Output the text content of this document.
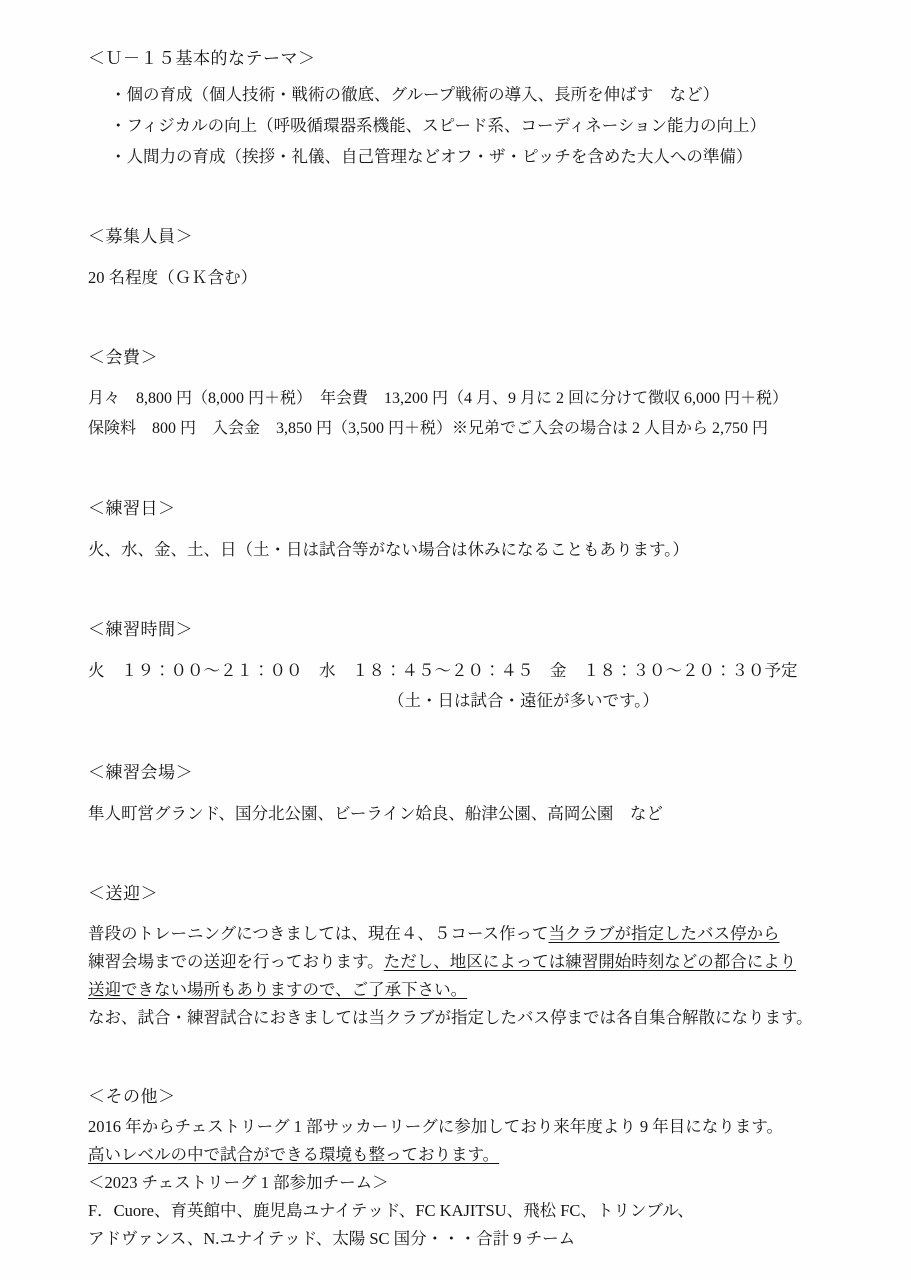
＜Ｕ－１５基本的なテーマ＞

・個の育成（個人技術・戦術の徹底、グループ戦術の導入、長所を伸ばす　など）
・フィジカルの向上（呼吸循環器系機能、スピード系、コーディネーション能力の向上）
・人間力の育成（挨拶・礼儀、自己管理などオフ・ザ・ピッチを含めた大人への準備）

＜募集人員＞

20 名程度（ＧＫ含む）

＜会費＞

月々　8,800 円（8,000 円＋税）　年会費　13,200 円（4 月、9 月に 2 回に分けて徴収 6,000 円＋税）

保険料　800 円　入会金　3,850 円（3,500 円＋税）※兄弟でご入会の場合は 2 人目から 2,750 円

＜練習日＞

火、水、金、土、日（土・日は試合等がない場合は休みになることもあります。）

＜練習時間＞

火　１９：００〜２１：００　水　１８：４５〜２０：４５　金　１８：３０〜２０：３０予定

（土・日は試合・遠征が多いです。）

＜練習会場＞

隼人町営グランド、国分北公園、ビーライン姶良、船津公園、高岡公園　など

＜送迎＞

普段のトレーニングにつきましては、現在４、５コース作って当クラブが指定したバス停から

練習会場までの送迎を行っております。ただし、地区によっては練習開始時刻などの都合により

送迎できない場所もありますので、ご了承下さい。

なお、試合・練習試合におきましては当クラブが指定したバス停までは各自集合解散になります。

＜その他＞

2016 年からチェストリーグ 1 部サッカーリーグに参加しており来年度より 9 年目になります。

高いレベルの中で試合ができる環境も整っております。

＜2023 チェストリーグ 1 部参加チーム＞

F．Cuore、育英館中、鹿児島ユナイテッド、FC KAJITSU、飛松 FC、トリンブル、

アドヴァンス、N.ユナイテッド、太陽 SC 国分・・・合計 9 チーム
